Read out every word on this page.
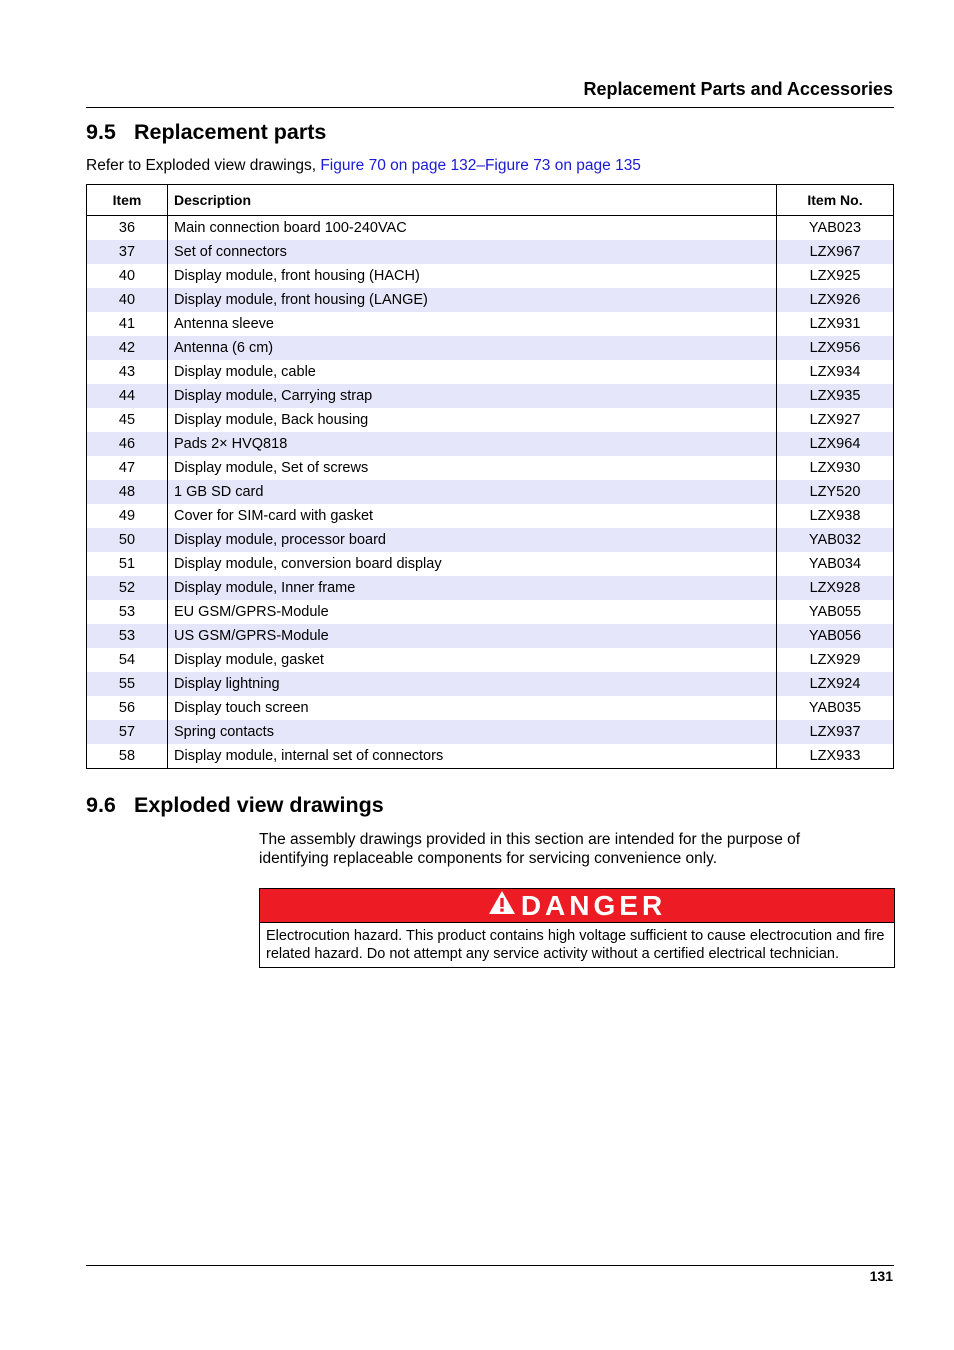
Replacement Parts and Accessories
9.5 Replacement parts
Refer to Exploded view drawings, Figure 70 on page 132–Figure 73 on page 135
Item	Description	Item No.
36	Main connection board 100-240VAC	YAB023
37	Set of connectors	LZX967
40	Display module, front housing (HACH)	LZX925
40	Display module, front housing (LANGE)	LZX926
41	Antenna sleeve	LZX931
42	Antenna (6 cm)	LZX956
43	Display module, cable	LZX934
44	Display module, Carrying strap	LZX935
45	Display module, Back housing	LZX927
46	Pads 2× HVQ818	LZX964
47	Display module, Set of screws	LZX930
48	1 GB SD card	LZY520
49	Cover for SIM-card with gasket	LZX938
50	Display module, processor board	YAB032
51	Display module, conversion board display	YAB034
52	Display module, Inner frame	LZX928
53	EU GSM/GPRS-Module	YAB055
53	US GSM/GPRS-Module	YAB056
54	Display module, gasket	LZX929
55	Display lightning	LZX924
56	Display touch screen	YAB035
57	Spring contacts	LZX937
58	Display module, internal set of connectors	LZX933
9.6 Exploded view drawings
The assembly drawings provided in this section are intended for the purpose of identifying replaceable components for servicing convenience only.
DANGER
Electrocution hazard. This product contains high voltage sufficient to cause electrocution and fire related hazard. Do not attempt any service activity without a certified electrical technician.
131
